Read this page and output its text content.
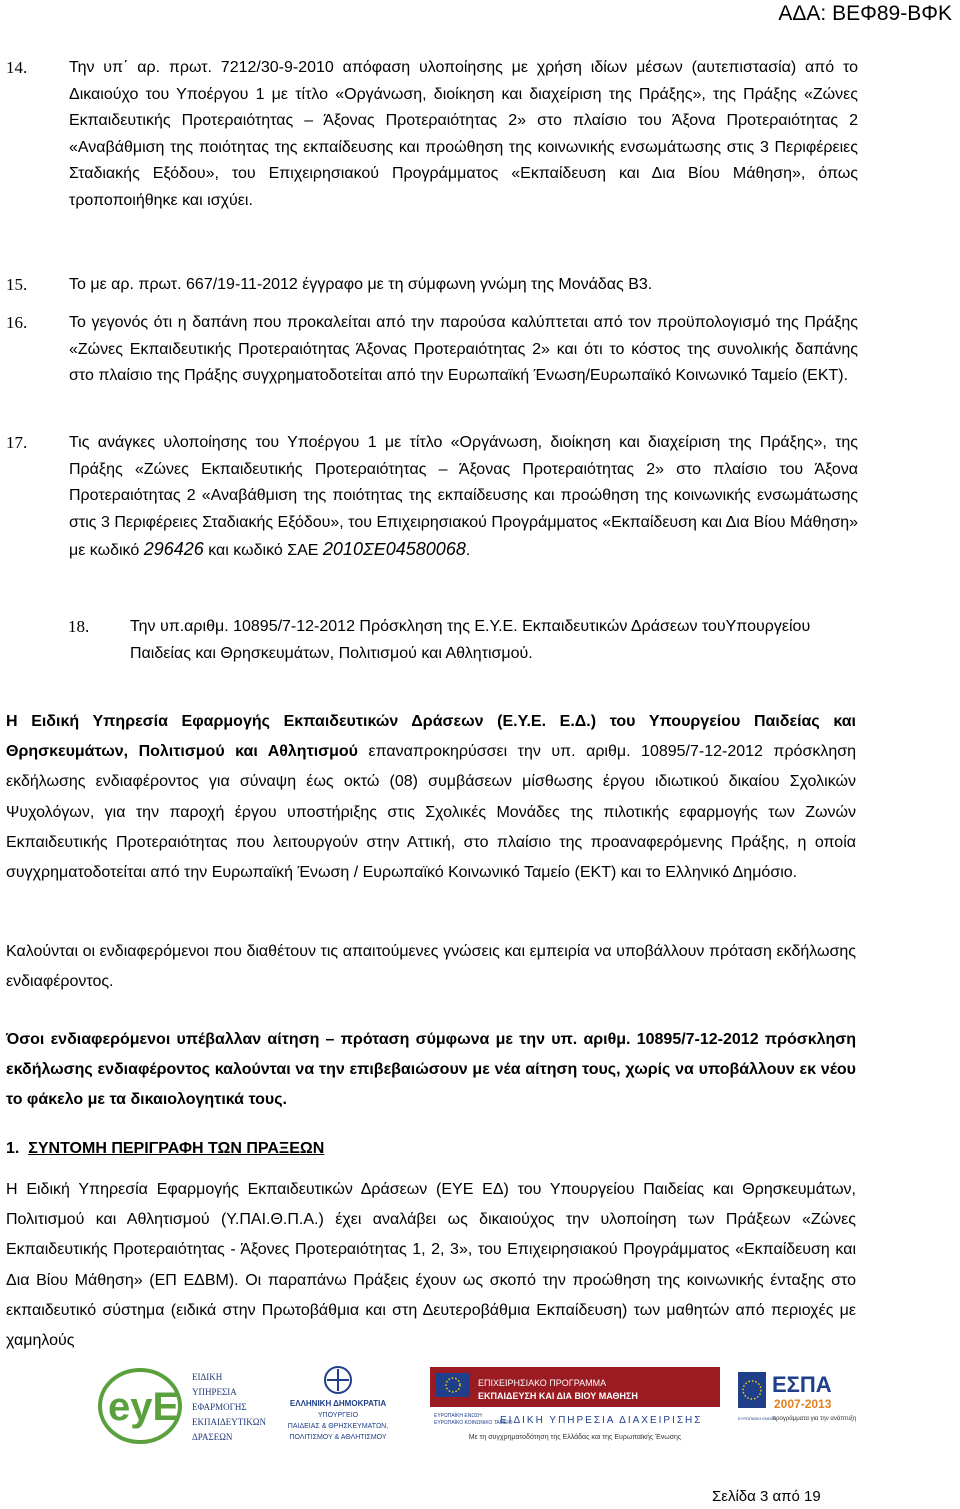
ΑΔΑ: ΒΕΦ89-ΒΦΚ
14.	Την υπ΄ αρ. πρωτ. 7212/30-9-2010 απόφαση υλοποίησης με χρήση ιδίων μέσων (αυτεπιστασία) από το Δικαιούχο του Υποέργου 1 με τίτλο «Οργάνωση, διοίκηση και διαχείριση της Πράξης», της Πράξης «Ζώνες Εκπαιδευτικής Προτεραιότητας – Άξονας Προτεραιότητας 2» στο πλαίσιο του Άξονα Προτεραιότητας 2 «Αναβάθμιση της ποιότητας της εκπαίδευσης και προώθηση της κοινωνικής ενσωμάτωσης στις 3 Περιφέρειες Σταδιακής Εξόδου», του Επιχειρησιακού Προγράμματος «Εκπαίδευση και Δια Βίου Μάθηση», όπως τροποποιήθηκε και ισχύει.
15.	Το με αρ. πρωτ. 667/19-11-2012 έγγραφο με τη σύμφωνη γνώμη της Μονάδας Β3.
16.	Το γεγονός ότι η δαπάνη που προκαλείται από την παρούσα καλύπτεται από τον προϋπολογισμό της Πράξης «Ζώνες Εκπαιδευτικής Προτεραιότητας Άξονας Προτεραιότητας 2» και ότι το κόστος της συνολικής δαπάνης στο πλαίσιο της Πράξης συγχρηματοδοτείται από την Ευρωπαϊκή Ένωση/Ευρωπαϊκό Κοινωνικό Ταμείο (ΕΚΤ).
17.	Τις ανάγκες υλοποίησης του Υποέργου 1 με τίτλο «Οργάνωση, διοίκηση και διαχείριση της Πράξης», της Πράξης «Ζώνες Εκπαιδευτικής Προτεραιότητας – Άξονας Προτεραιότητας 2» στο πλαίσιο του Άξονα Προτεραιότητας 2 «Αναβάθμιση της ποιότητας της εκπαίδευσης και προώθηση της κοινωνικής ενσωμάτωσης στις 3 Περιφέρειες Σταδιακής Εξόδου», του Επιχειρησιακού Προγράμματος «Εκπαίδευση και Δια Βίου Μάθηση» με κωδικό 296426 και κωδικό ΣΑΕ 2010ΣΕ04580068.
18.	Την υπ.αριθμ. 10895/7-12-2012 Πρόσκληση της Ε.Υ.Ε. Εκπαιδευτικών Δράσεων τουΥπουργείου Παιδείας και Θρησκευμάτων, Πολιτισμού και Αθλητισμού.
Η Ειδική Υπηρεσία Εφαρμογής Εκπαιδευτικών Δράσεων (Ε.Υ.Ε. Ε.Δ.) του Υπουργείου Παιδείας και Θρησκευμάτων, Πολιτισμού και Αθλητισμού επαναπροκηρύσσει την υπ. αριθμ. 10895/7-12-2012 πρόσκληση εκδήλωσης ενδιαφέροντος για σύναψη έως οκτώ (08) συμβάσεων μίσθωσης έργου ιδιωτικού δικαίου Σχολικών Ψυχολόγων, για την παροχή έργου υποστήριξης στις Σχολικές Μονάδες της πιλοτικής εφαρμογής των Ζωνών Εκπαιδευτικής Προτεραιότητας που λειτουργούν στην Αττική, στο πλαίσιο της προαναφερόμενης Πράξης, η οποία συγχρηματοδοτείται από την Ευρωπαϊκή Ένωση / Ευρωπαϊκό Κοινωνικό Ταμείο (ΕΚΤ) και το Ελληνικό Δημόσιο.
Καλούνται οι ενδιαφερόμενοι που διαθέτουν τις απαιτούμενες γνώσεις και εμπειρία να υποβάλλουν πρόταση εκδήλωσης ενδιαφέροντος.
Όσοι ενδιαφερόμενοι υπέβαλλαν αίτηση – πρόταση σύμφωνα με την υπ. αριθμ. 10895/7-12-2012 πρόσκληση εκδήλωσης ενδιαφέροντος καλούνται να την επιβεβαιώσουν με νέα αίτηση τους, χωρίς να υποβάλλουν εκ νέου το φάκελο με τα δικαιολογητικά τους.
1. ΣΥΝΤΟΜΗ ΠΕΡΙΓΡΑΦΗ ΤΩΝ ΠΡΑΞΕΩΝ
Η Ειδική Υπηρεσία Εφαρμογής Εκπαιδευτικών Δράσεων (ΕΥΕ ΕΔ) του Υπουργείου Παιδείας και Θρησκευμάτων, Πολιτισμού και Αθλητισμού (Υ.ΠΑΙ.Θ.Π.Α.) έχει αναλάβει ως δικαιούχος την υλοποίηση των Πράξεων «Ζώνες Εκπαιδευτικής Προτεραιότητας - Άξονες Προτεραιότητας 1, 2, 3», του Επιχειρησιακού Προγράμματος «Εκπαίδευση και Δια Βίου Μάθηση» (ΕΠ ΕΔΒΜ). Οι παραπάνω Πράξεις έχουν ως σκοπό την προώθηση της κοινωνικής ένταξης στο εκπαιδευτικό σύστημα (ειδικά στην Πρωτοβάθμια και στη Δευτεροβάθμια Εκπαίδευση) των μαθητών από περιοχές με χαμηλούς
eyE
ΕΙΔΙΚΗ
ΥΠΗΡΕΣΙΑ
ΕΦΑΡΜΟΓΗΣ
ΕΚΠΑΙΔΕΥΤΙΚΩΝ
ΔΡΑΣΕΩΝ
ΕΛΛΗΝΙΚΗ ΔΗΜΟΚΡΑΤΙΑ
ΥΠΟΥΡΓΕΙΟ
ΠΑΙΔΕΙΑΣ & ΘΡΗΣΚΕΥΜΑΤΩΝ,
ΠΟΛΙΤΙΣΜΟΥ & ΑΘΛΗΤΙΣΜΟΥ
ΕΠΙΧΕΙΡΗΣΙΑΚΟ ΠΡΟΓΡΑΜΜΑ
ΕΚΠΑΙΔΕΥΣΗ ΚΑΙ ΔΙΑ ΒΙΟΥ ΜΑΘΗΣΗ
ΕΥΡΩΠΑΪΚΗ ΕΝΩΣΗ
ΕΥΡΩΠΑΪΚΟ ΚΟΙΝΩΝΙΚΟ ΤΑΜΕΙΟ
ΕΙΔΙΚΗ ΥΠΗΡΕΣΙΑ ΔΙΑΧΕΙΡΙΣΗΣ
Με τη συγχρηματοδότηση της Ελλάδας και της Ευρωπαϊκής Ένωσης
ΕΣΠΑ
2007-2013
προγράμματα για την ανάπτυξη
ΕΥΡΩΠΑΪΚΗ ΕΝΩΣΗ
Σελίδα 3 από 19
